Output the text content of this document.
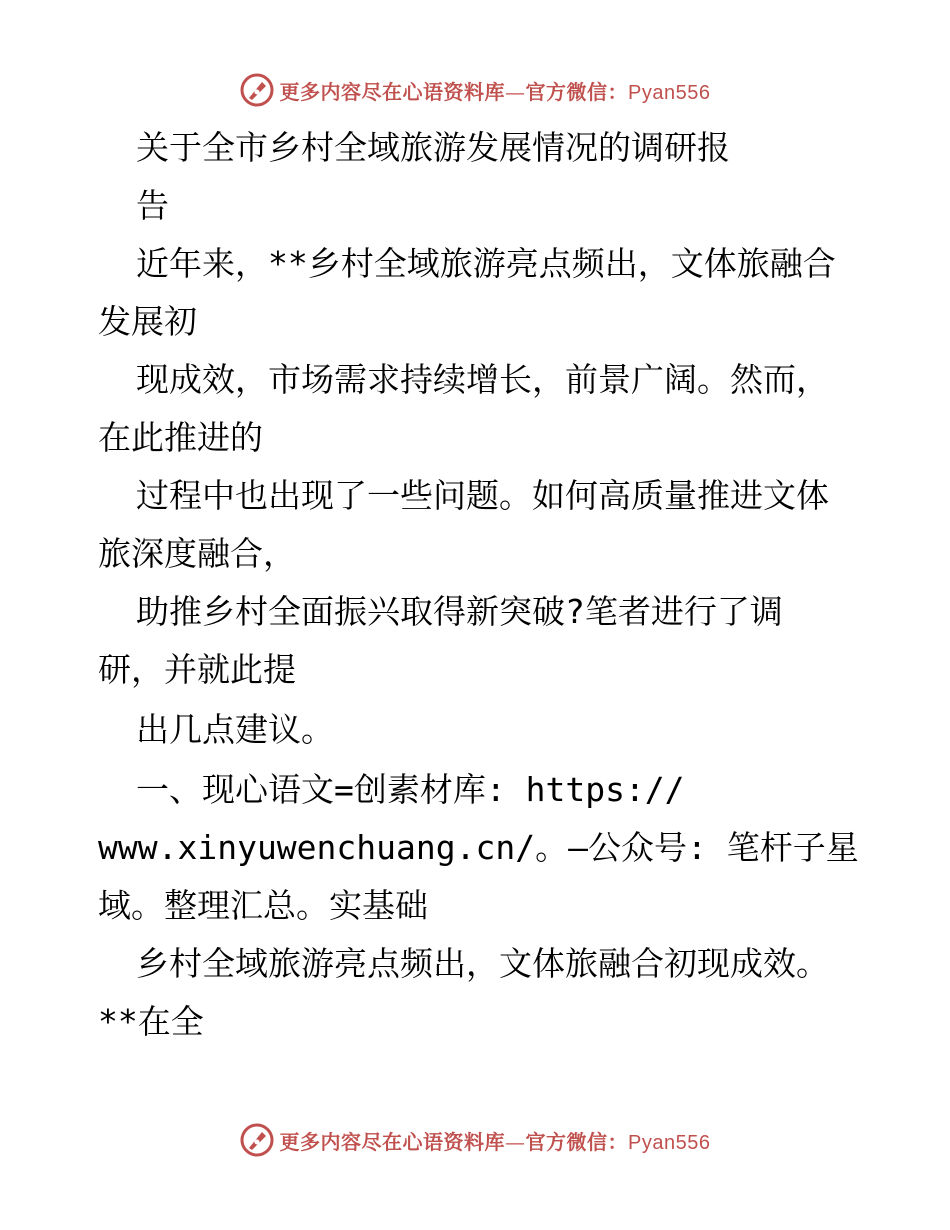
更多内容尽在心语资料库—官方微信：Pyan556
关于全市乡村全域旅游发展情况的调研报
告
近年来，**乡村全域旅游亮点频出，文体旅融合
发展初
现成效，市场需求持续增长，前景广阔。然而，
在此推进的
过程中也出现了一些问题。如何高质量推进文体
旅深度融合，
助推乡村全面振兴取得新突破?笔者进行了调
研，并就此提
出几点建议。
一、现心语文=创素材库: https://
www.xinyuwenchuang.cn/。—公众号: 笔杆子星
域。整理汇总。实基础
乡村全域旅游亮点频出，文体旅融合初现成效。
**在全
更多内容尽在心语资料库—官方微信：Pyan556
